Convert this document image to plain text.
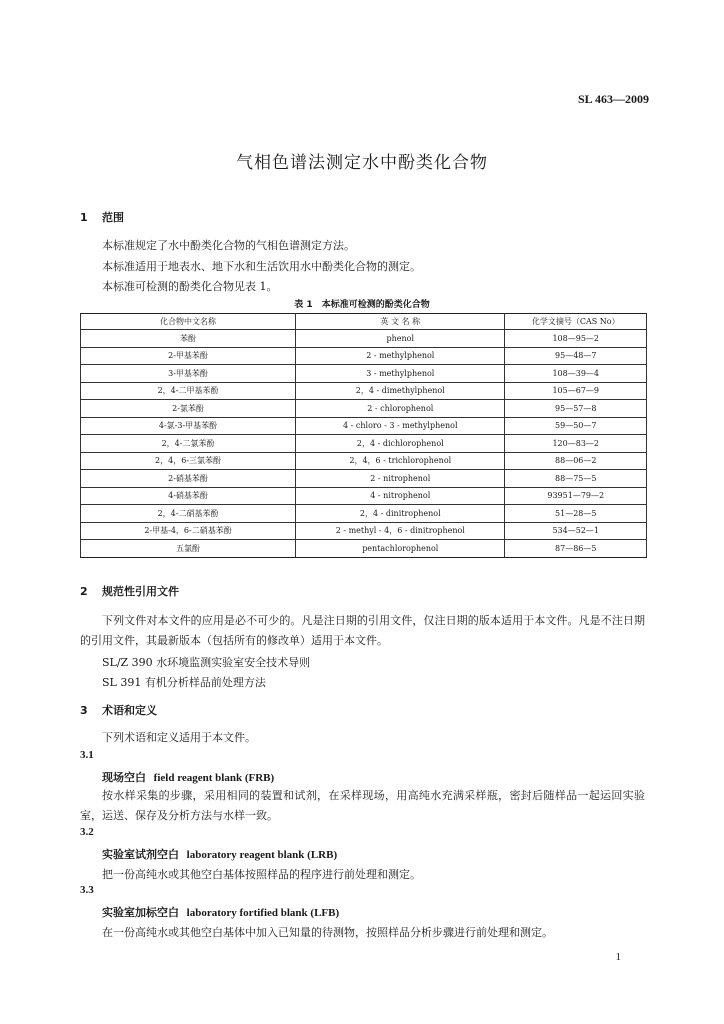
SL 463—2009
气相色谱法测定水中酚类化合物
1 范围
本标准规定了水中酚类化合物的气相色谱测定方法。
本标准适用于地表水、地下水和生活饮用水中酚类化合物的测定。
本标准可检测的酚类化合物见表 1。
表 1　本标准可检测的酚类化合物
化合物中文名称	英 文 名 称	化学文摘号（CAS No）
苯酚	phenol	108—95—2
2-甲基苯酚	2 - methylphenol	95—48—7
3-甲基苯酚	3 - methylphenol	108—39—4
2，4-二甲基苯酚	2，4 - dimethylphenol	105—67—9
2-氯苯酚	2 - chlorophenol	95—57—8
4-氯-3-甲基苯酚	4 - chloro - 3 - methylphenol	59—50—7
2，4-二氯苯酚	2，4 - dichlorophenol	120—83—2
2，4，6-三氯苯酚	2，4，6 - trichlorophenol	88—06—2
2-硝基苯酚	2 - nitrophenol	88—75—5
4-硝基苯酚	4 - nitrophenol	93951—79—2
2，4-二硝基苯酚	2，4 - dinitrophenol	51—28—5
2-甲基-4，6-二硝基苯酚	2 - methyl - 4，6 - dinitrophenol	534—52—1
五氯酚	pentachlorophenol	87—86—5
2 规范性引用文件
下列文件对本文件的应用是必不可少的。凡是注日期的引用文件，仅注日期的版本适用于本文件。凡是不注日期的引用文件，其最新版本（包括所有的修改单）适用于本文件。
SL/Z 390 水环境监测实验室安全技术导则
SL 391 有机分析样品前处理方法
3 术语和定义
下列术语和定义适用于本文件。
3.1
现场空白 field reagent blank (FRB)
按水样采集的步骤，采用相同的装置和试剂，在采样现场，用高纯水充满采样瓶，密封后随样品一起运回实验室，运送、保存及分析方法与水样一致。
3.2
实验室试剂空白 laboratory reagent blank (LRB)
把一份高纯水或其他空白基体按照样品的程序进行前处理和测定。
3.3
实验室加标空白 laboratory fortified blank (LFB)
在一份高纯水或其他空白基体中加入已知量的待测物，按照样品分析步骤进行前处理和测定。
1
